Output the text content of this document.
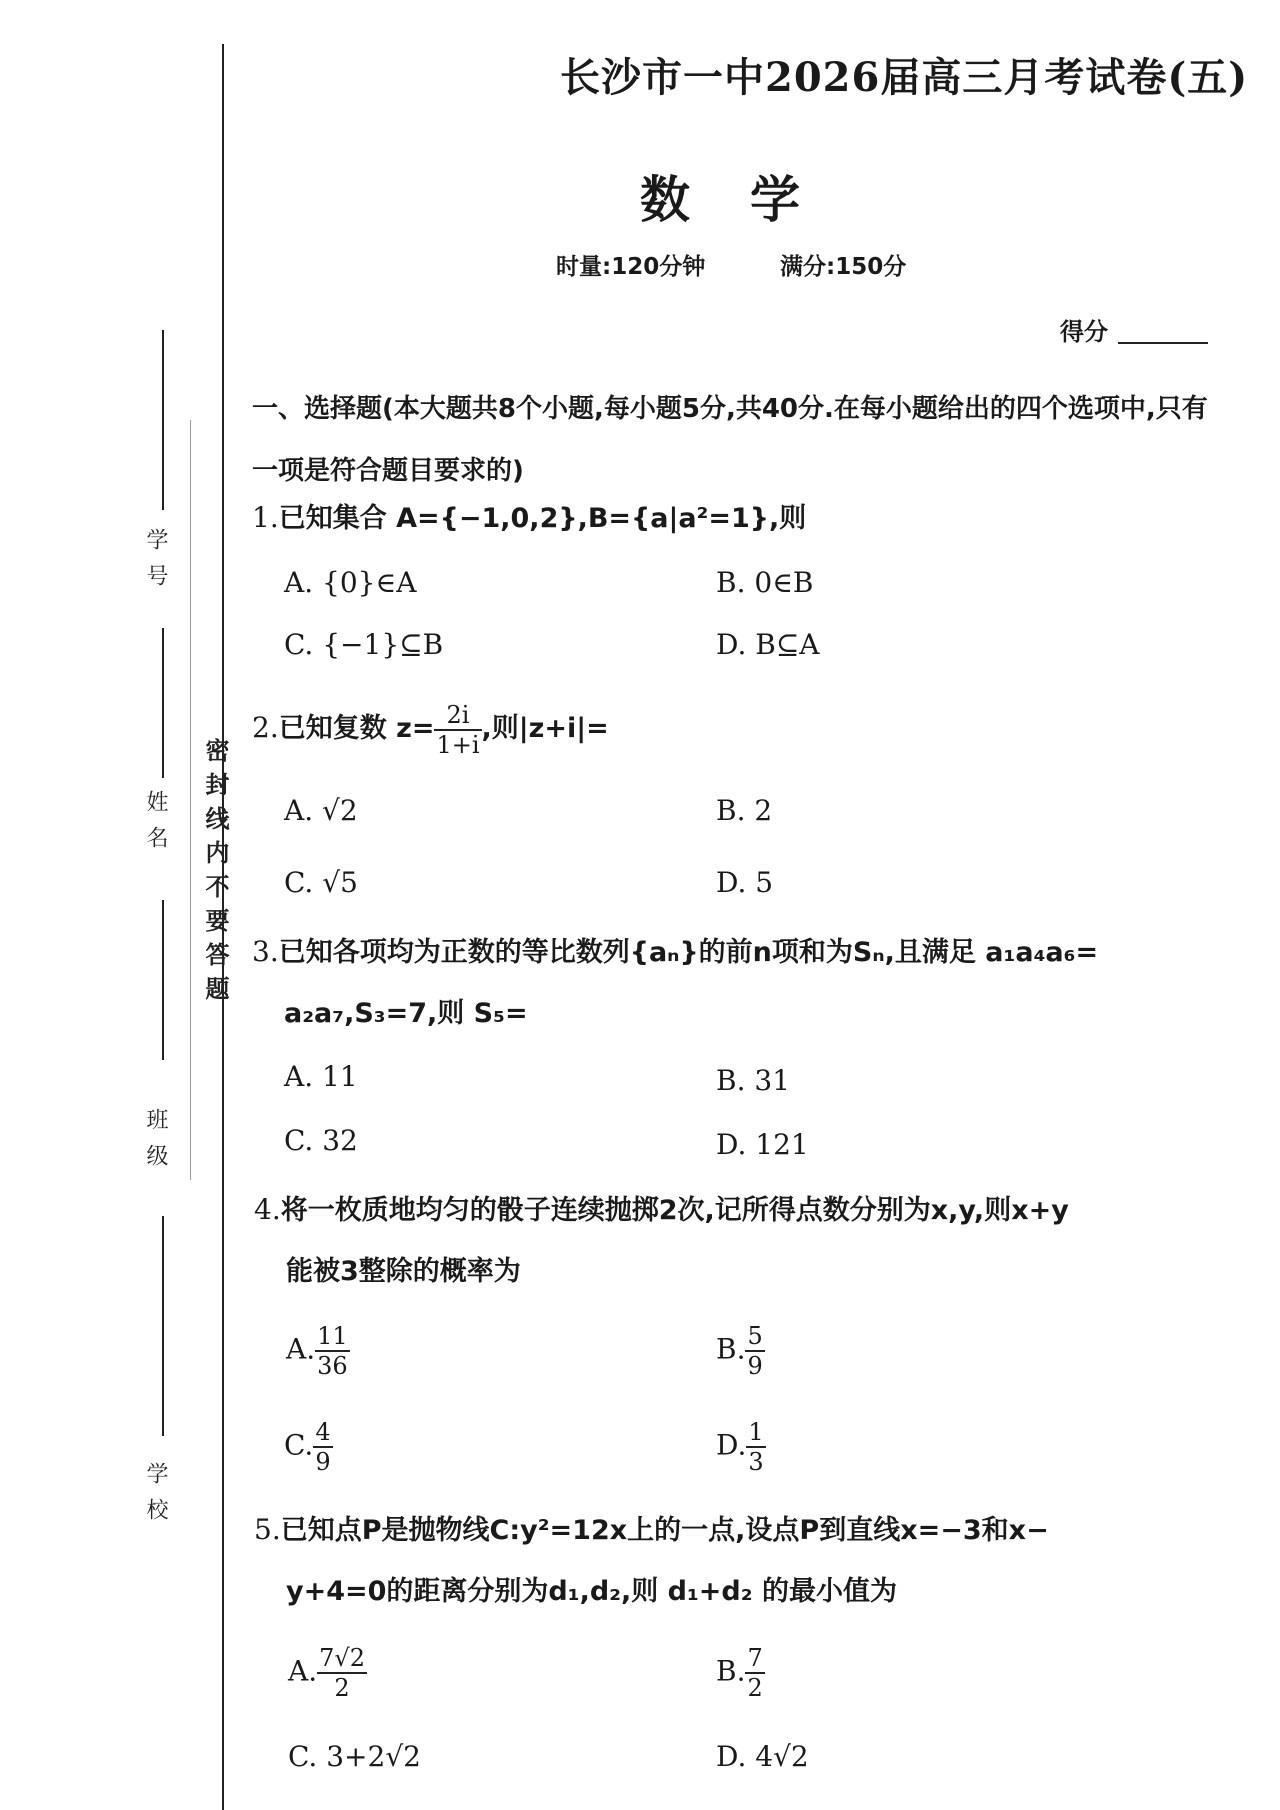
密封线内不要答题
学号
姓名
班级
学校
长沙市一中2026届高三月考试卷(五)
数学
时量:120分钟	满分:150分
得分
一、选择题(本大题共8个小题,每小题5分,共40分.在每小题给出的四个选项中,只有一项是符合题目要求的)
1.已知集合 A={−1,0,2},B={a|a²=1},则
A. {0}∈A	B. 0∈B
C. {−1}⊆B	D. B⊆A
2.已知复数 $z= \frac{2i}{1+i}$ ,则|z+i|=
A. √2	B. 2
C. √5	D. 5
3.已知各项均为正数的等比数列{aₙ}的前n项和为Sₙ,且满足 a₁a₄a₆=
a₂a₇,S₃=7,则 S₅=
A. 11	B. 31
C. 32	D. 121
4.将一枚质地均匀的骰子连续抛掷2次,记所得点数分别为x,y,则x+y
能被3整除的概率为
A. $\frac{11}{36}$	B. $\frac{5}{9}$
C. $\frac{4}{9}$	D. $\frac{1}{3}$
5.已知点P是抛物线C:y²=12x上的一点,设点P到直线x=−3和x−
y+4=0的距离分别为d₁,d₂,则 d₁+d₂ 的最小值为
A. $\frac{7√2}{2}$	B. $\frac{7}{2}$
C. 3+2√2	D. 4√2
